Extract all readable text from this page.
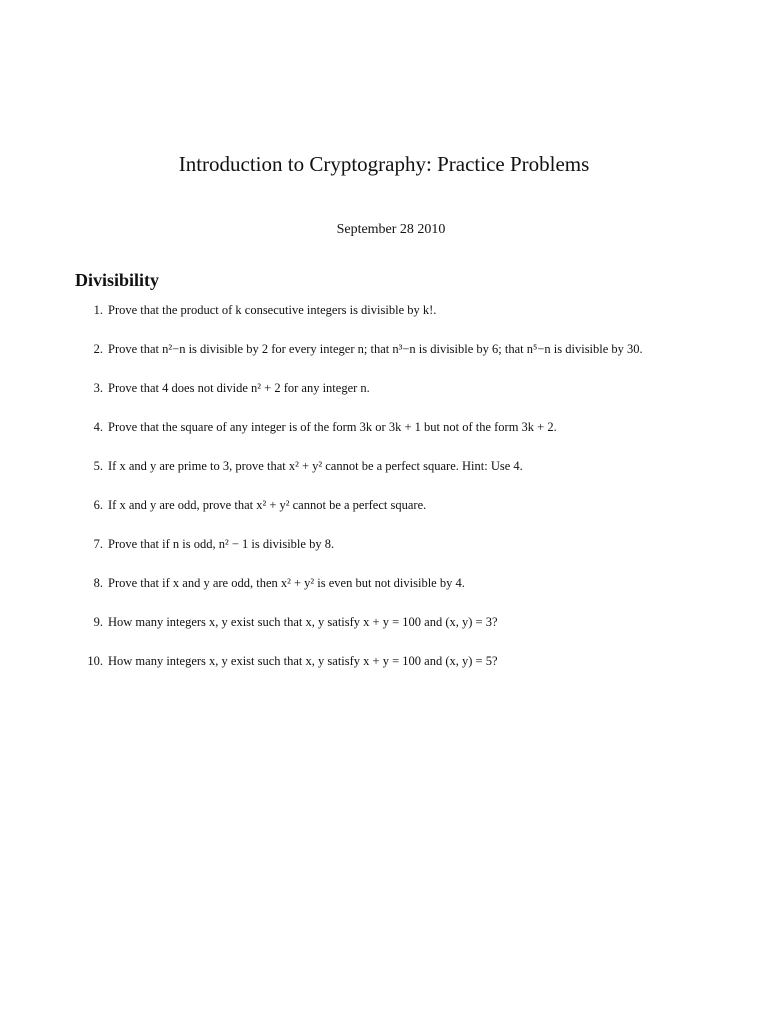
Introduction to Cryptography: Practice Problems
September 28 2010
Divisibility
1. Prove that the product of k consecutive integers is divisible by k!.
2. Prove that n²−n is divisible by 2 for every integer n; that n³−n is divisible by 6; that n⁵−n is divisible by 30.
3. Prove that 4 does not divide n² + 2 for any integer n.
4. Prove that the square of any integer is of the form 3k or 3k + 1 but not of the form 3k + 2.
5. If x and y are prime to 3, prove that x² + y² cannot be a perfect square. Hint: Use 4.
6. If x and y are odd, prove that x² + y² cannot be a perfect square.
7. Prove that if n is odd, n² − 1 is divisible by 8.
8. Prove that if x and y are odd, then x² + y² is even but not divisible by 4.
9. How many integers x, y exist such that x, y satisfy x + y = 100 and (x, y) = 3?
10. How many integers x, y exist such that x, y satisfy x + y = 100 and (x, y) = 5?
